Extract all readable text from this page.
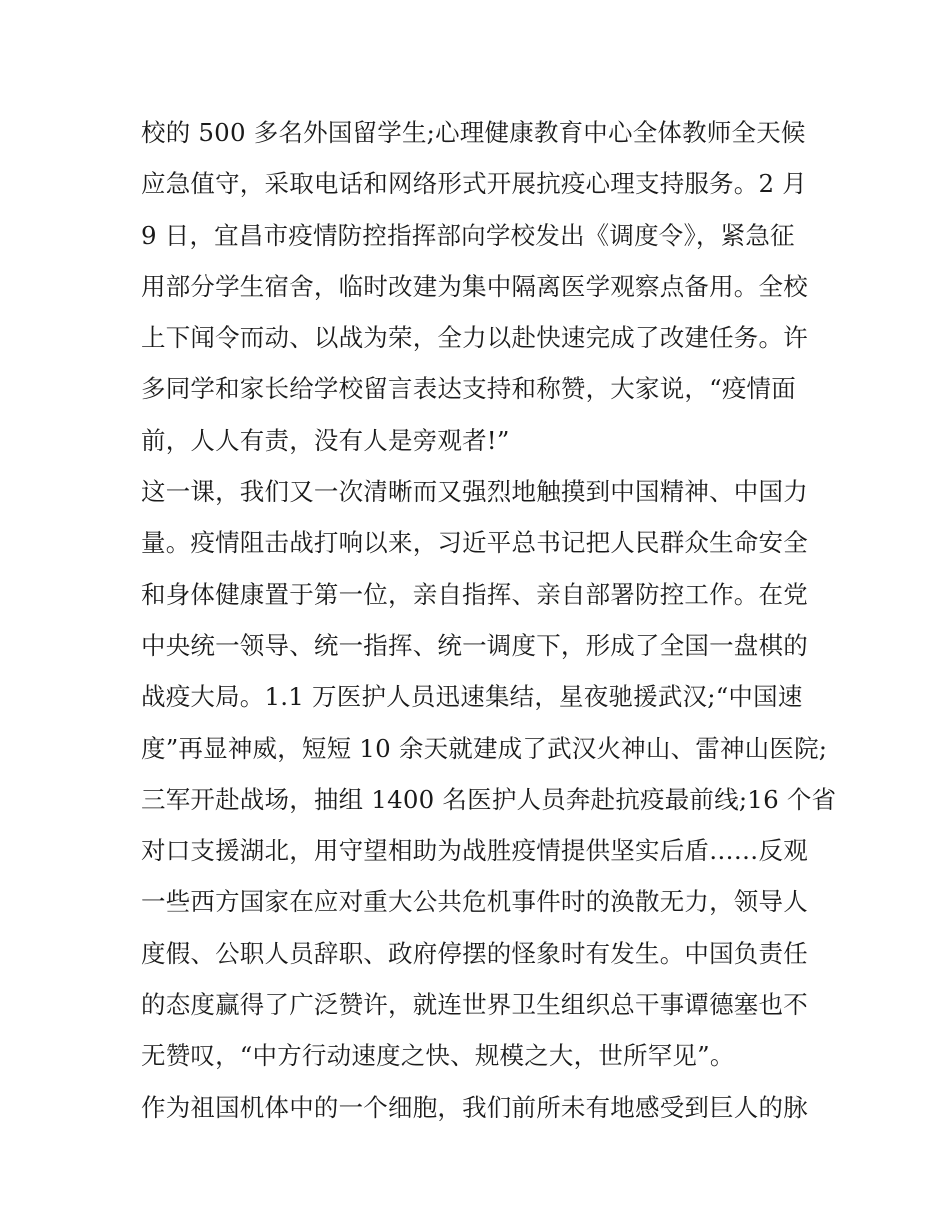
校的 500 多名外国留学生;心理健康教育中心全体教师全天候
应急值守，采取电话和网络形式开展抗疫心理支持服务。2 月
9 日，宜昌市疫情防控指挥部向学校发出《调度令》，紧急征
用部分学生宿舍，临时改建为集中隔离医学观察点备用。全校
上下闻令而动、以战为荣，全力以赴快速完成了改建任务。许
多同学和家长给学校留言表达支持和称赞，大家说，“疫情面
前，人人有责，没有人是旁观者!”
这一课，我们又一次清晰而又强烈地触摸到中国精神、中国力
量。疫情阻击战打响以来，习近平总书记把人民群众生命安全
和身体健康置于第一位，亲自指挥、亲自部署防控工作。在党
中央统一领导、统一指挥、统一调度下，形成了全国一盘棋的
战疫大局。1.1 万医护人员迅速集结，星夜驰援武汉;“中国速
度”再显神威，短短 10 余天就建成了武汉火神山、雷神山医院;
三军开赴战场，抽组 1400 名医护人员奔赴抗疫最前线;16 个省
对口支援湖北，用守望相助为战胜疫情提供坚实后盾……反观
一些西方国家在应对重大公共危机事件时的涣散无力，领导人
度假、公职人员辞职、政府停摆的怪象时有发生。中国负责任
的态度赢得了广泛赞许，就连世界卫生组织总干事谭德塞也不
无赞叹，“中方行动速度之快、规模之大，世所罕见”。
作为祖国机体中的一个细胞，我们前所未有地感受到巨人的脉
